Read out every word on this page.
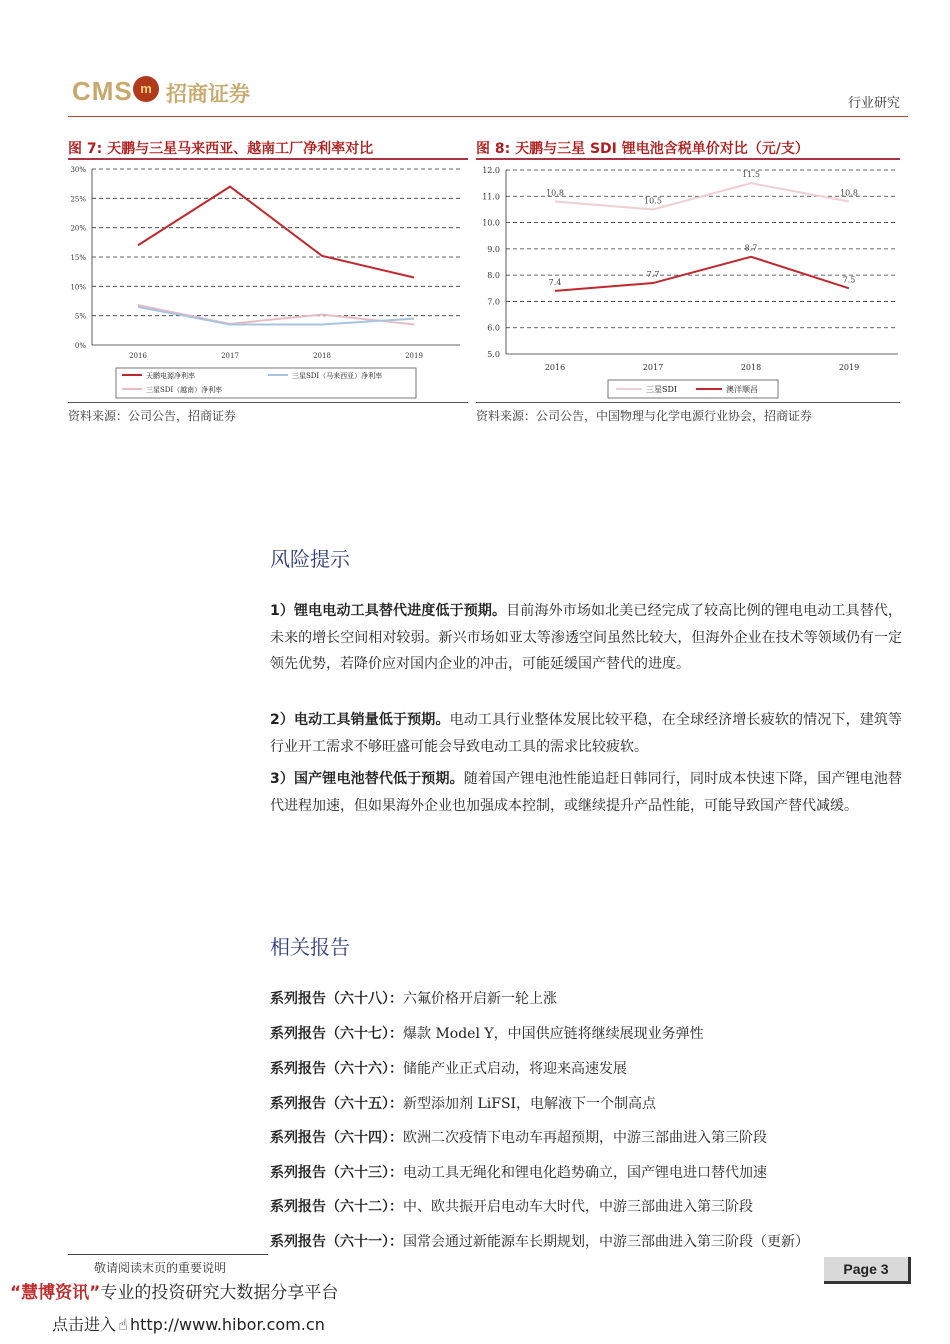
CMS m 招商证券	行业研究
图 7: 天鹏与三星马来西亚、越南工厂净利率对比
0%
5%
10%
15%
20%
25%
30%
2016	2017	2018	2019
天鹏电源净利率	三星SDI（马来西亚）净利率
三星SDI（越南）净利率
资料来源：公司公告，招商证券
图 8: 天鹏与三星 SDI 锂电池含税单价对比（元/支）
5.0
6.0
7.0
8.0
9.0
10.0
11.0
12.0
2016	2017	2018	2019
10.8
10.5
11.5
10.8
7.4
7.7
8.7
7.5
三星SDI	澳洋顺昌
资料来源：公司公告，中国物理与化学电源行业协会，招商证券
风险提示
1）锂电电动工具替代进度低于预期。目前海外市场如北美已经完成了较高比例的锂电电动工具替代，未来的增长空间相对较弱。新兴市场如亚太等渗透空间虽然比较大，但海外企业在技术等领域仍有一定领先优势，若降价应对国内企业的冲击，可能延缓国产替代的进度。
2）电动工具销量低于预期。电动工具行业整体发展比较平稳，在全球经济增长疲软的情况下，建筑等行业开工需求不够旺盛可能会导致电动工具的需求比较疲软。
3）国产锂电池替代低于预期。随着国产锂电池性能追赶日韩同行，同时成本快速下降，国产锂电池替代进程加速，但如果海外企业也加强成本控制，或继续提升产品性能，可能导致国产替代减缓。
相关报告
系列报告（六十八）：六氟价格开启新一轮上涨
系列报告（六十七）：爆款 Model Y，中国供应链将继续展现业务弹性
系列报告（六十六）：储能产业正式启动，将迎来高速发展
系列报告（六十五）：新型添加剂 LiFSI，电解液下一个制高点
系列报告（六十四）：欧洲二次疫情下电动车再超预期，中游三部曲进入第三阶段
系列报告（六十三）：电动工具无绳化和锂电化趋势确立，国产锂电进口替代加速
系列报告（六十二）：中、欧共振开启电动车大时代，中游三部曲进入第三阶段
系列报告（六十一）：国常会通过新能源车长期规划，中游三部曲进入第三阶段（更新）
敬请阅读末页的重要说明	Page 3
“慧博资讯”专业的投资研究大数据分享平台
点击进入 ☝ http://www.hibor.com.cn
